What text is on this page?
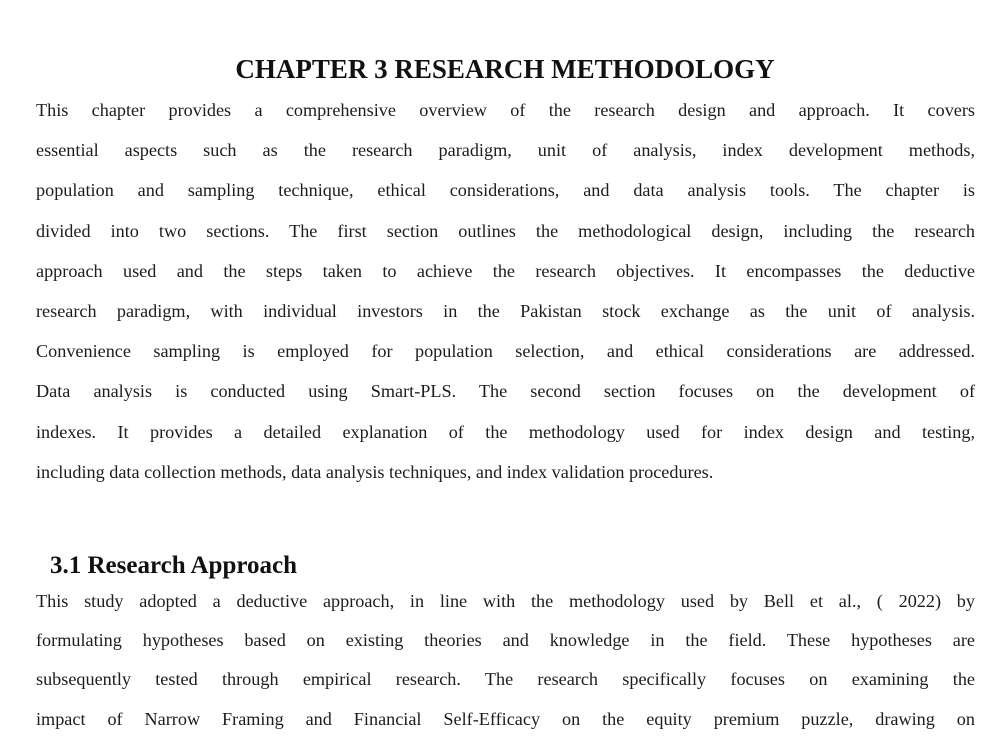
CHAPTER 3 RESEARCH METHODOLOGY
This chapter provides a comprehensive overview of the research design and approach. It covers
essential aspects such as the research paradigm, unit of analysis, index development methods,
population and sampling technique, ethical considerations, and data analysis tools. The chapter is
divided into two sections. The first section outlines the methodological design, including the research
approach used and the steps taken to achieve the research objectives. It encompasses the deductive
research paradigm, with individual investors in the Pakistan stock exchange as the unit of analysis.
Convenience sampling is employed for population selection, and ethical considerations are addressed.
Data analysis is conducted using Smart-PLS. The second section focuses on the development of
indexes. It provides a detailed explanation of the methodology used for index design and testing,
including data collection methods, data analysis techniques, and index validation procedures.
3.1 Research Approach
This study adopted a deductive approach, in line with the methodology used by Bell et al., ( 2022) by
formulating hypotheses based on existing theories and knowledge in the field. These hypotheses are
subsequently tested through empirical research. The research specifically focuses on examining the
impact of Narrow Framing and Financial Self-Efficacy on the equity premium puzzle, drawing on
